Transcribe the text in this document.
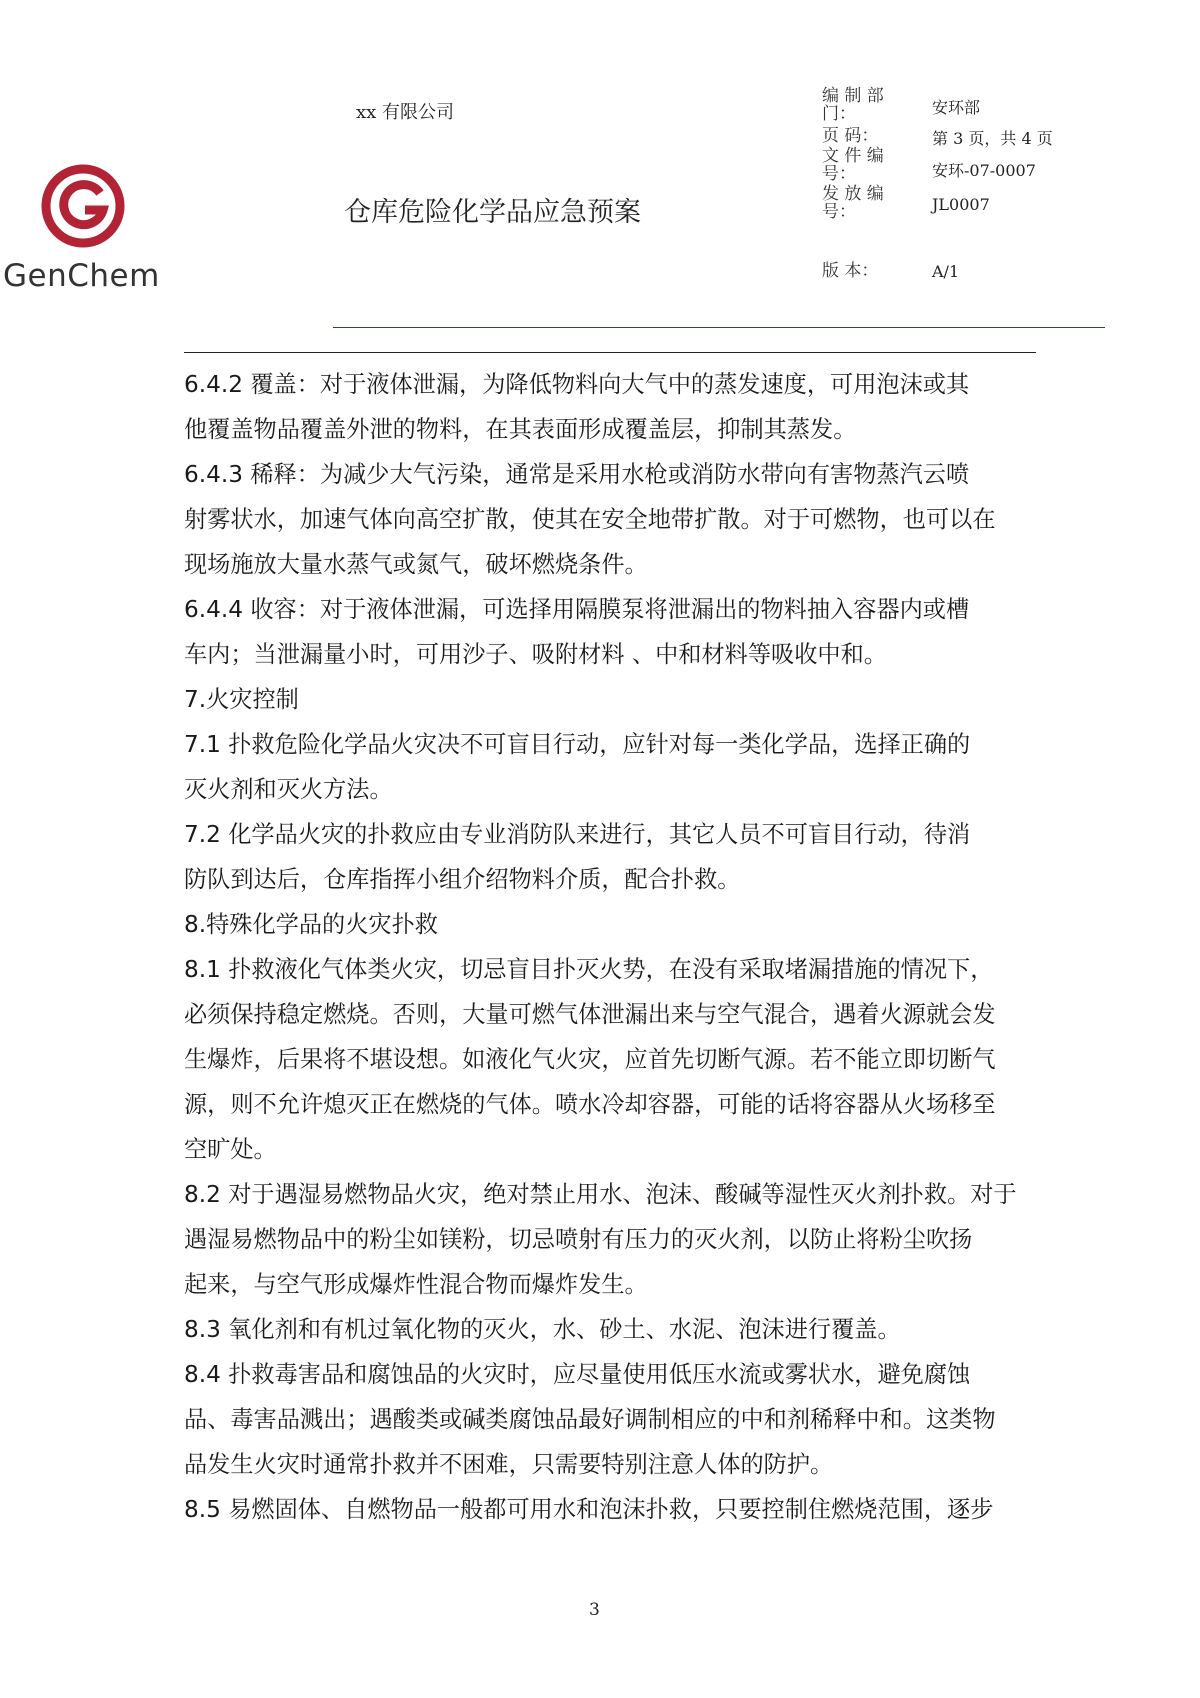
GenChem
xx 有限公司
仓库危险化学品应急预案
编 制 部 门：	安环部
页 码：	第 3 页，共 4 页
文 件 编 号：	安环-07-0007
发 放 编 号：	JL0007
版 本：	A/1

6.4.2 覆盖：对于液体泄漏，为降低物料向大气中的蒸发速度，可用泡沫或其

他覆盖物品覆盖外泄的物料，在其表面形成覆盖层，抑制其蒸发。

6.4.3 稀释：为减少大气污染，通常是采用水枪或消防水带向有害物蒸汽云喷

射雾状水，加速气体向高空扩散，使其在安全地带扩散。对于可燃物，也可以在

现场施放大量水蒸气或氮气，破坏燃烧条件。

6.4.4 收容：对于液体泄漏，可选择用隔膜泵将泄漏出的物料抽入容器内或槽

车内；当泄漏量小时，可用沙子、吸附材料 、中和材料等吸收中和。

7.火灾控制

7.1 扑救危险化学品火灾决不可盲目行动，应针对每一类化学品，选择正确的

灭火剂和灭火方法。

7.2 化学品火灾的扑救应由专业消防队来进行，其它人员不可盲目行动，待消

防队到达后，仓库指挥小组介绍物料介质，配合扑救。

8.特殊化学品的火灾扑救

8.1 扑救液化气体类火灾，切忌盲目扑灭火势，在没有采取堵漏措施的情况下，

必须保持稳定燃烧。否则，大量可燃气体泄漏出来与空气混合，遇着火源就会发

生爆炸，后果将不堪设想。如液化气火灾，应首先切断气源。若不能立即切断气

源，则不允许熄灭正在燃烧的气体。喷水冷却容器，可能的话将容器从火场移至

空旷处。

8.2 对于遇湿易燃物品火灾，绝对禁止用水、泡沫、酸碱等湿性灭火剂扑救。对于

遇湿易燃物品中的粉尘如镁粉，切忌喷射有压力的灭火剂，以防止将粉尘吹扬

起来，与空气形成爆炸性混合物而爆炸发生。

8.3 氧化剂和有机过氧化物的灭火，水、砂土、水泥、泡沫进行覆盖。

8.4 扑救毒害品和腐蚀品的火灾时，应尽量使用低压水流或雾状水，避免腐蚀

品、毒害品溅出；遇酸类或碱类腐蚀品最好调制相应的中和剂稀释中和。这类物

品发生火灾时通常扑救并不困难，只需要特别注意人体的防护。

8.5 易燃固体、自燃物品一般都可用水和泡沫扑救，只要控制住燃烧范围，逐步

3
